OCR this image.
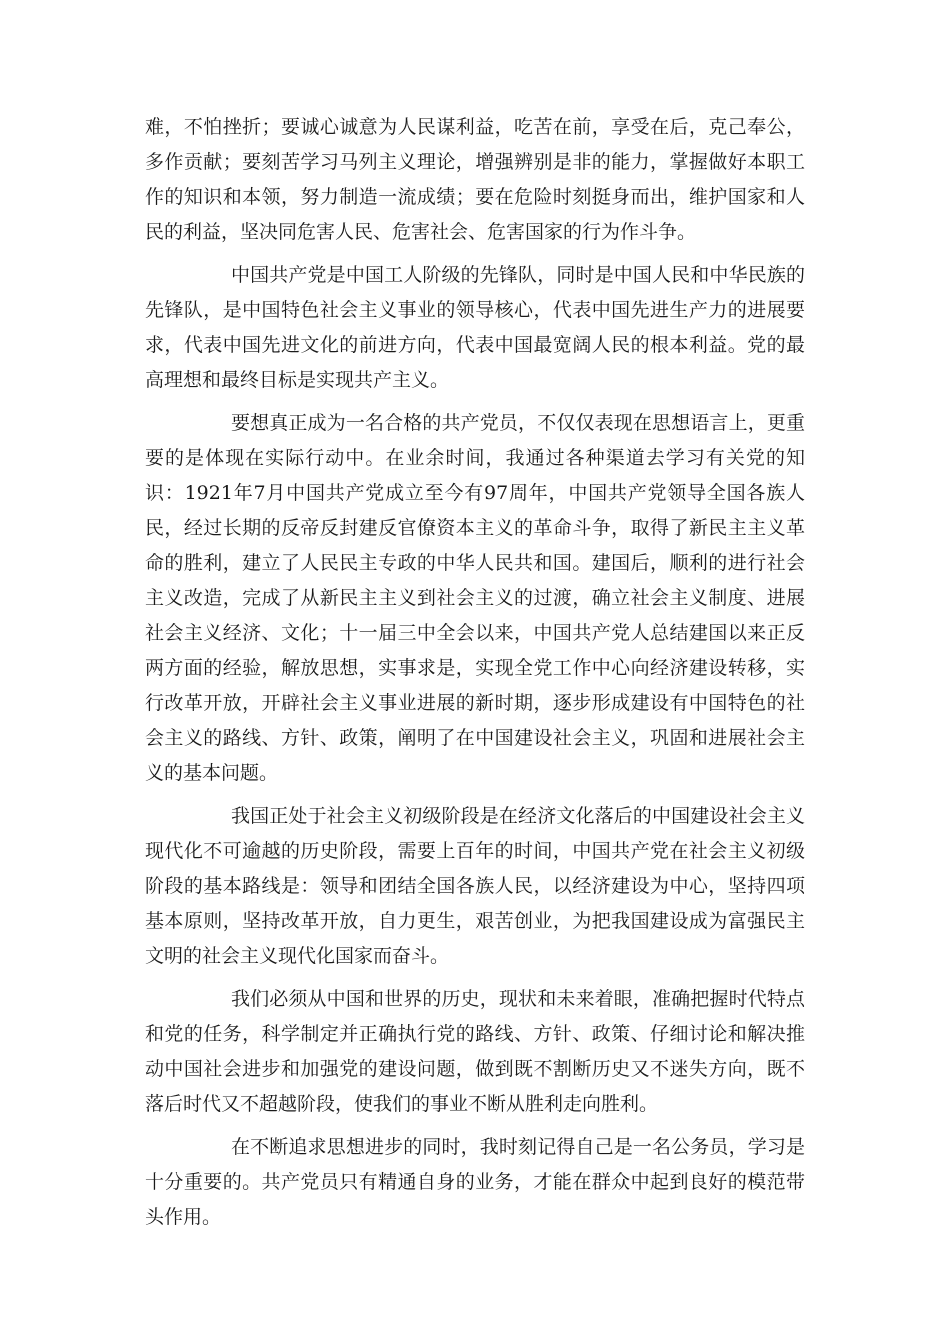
难，不怕挫折；要诚心诚意为人民谋利益，吃苦在前，享受在后，克己奉公，多作贡献；要刻苦学习马列主义理论，增强辨别是非的能力，掌握做好本职工作的知识和本领，努力制造一流成绩；要在危险时刻挺身而出，维护国家和人民的利益，坚决同危害人民、危害社会、危害国家的行为作斗争。

中国共产党是中国工人阶级的先锋队，同时是中国人民和中华民族的先锋队，是中国特色社会主义事业的领导核心，代表中国先进生产力的进展要求，代表中国先进文化的前进方向，代表中国最宽阔人民的根本利益。党的最高理想和最终目标是实现共产主义。

要想真正成为一名合格的共产党员，不仅仅表现在思想语言上，更重要的是体现在实际行动中。在业余时间，我通过各种渠道去学习有关党的知识：1921年7月中国共产党成立至今有97周年，中国共产党领导全国各族人民，经过长期的反帝反封建反官僚资本主义的革命斗争，取得了新民主主义革命的胜利，建立了人民民主专政的中华人民共和国。建国后，顺利的进行社会主义改造，完成了从新民主主义到社会主义的过渡，确立社会主义制度、进展社会主义经济、文化；十一届三中全会以来，中国共产党人总结建国以来正反两方面的经验，解放思想，实事求是，实现全党工作中心向经济建设转移，实行改革开放，开辟社会主义事业进展的新时期，逐步形成建设有中国特色的社会主义的路线、方针、政策，阐明了在中国建设社会主义，巩固和进展社会主义的基本问题。

我国正处于社会主义初级阶段是在经济文化落后的中国建设社会主义现代化不可逾越的历史阶段，需要上百年的时间，中国共产党在社会主义初级阶段的基本路线是：领导和团结全国各族人民，以经济建设为中心，坚持四项基本原则，坚持改革开放，自力更生，艰苦创业，为把我国建设成为富强民主文明的社会主义现代化国家而奋斗。

我们必须从中国和世界的历史，现状和未来着眼，准确把握时代特点和党的任务，科学制定并正确执行党的路线、方针、政策、仔细讨论和解决推动中国社会进步和加强党的建设问题，做到既不割断历史又不迷失方向，既不落后时代又不超越阶段，使我们的事业不断从胜利走向胜利。

在不断追求思想进步的同时，我时刻记得自己是一名公务员，学习是十分重要的。共产党员只有精通自身的业务，才能在群众中起到良好的模范带头作用。
